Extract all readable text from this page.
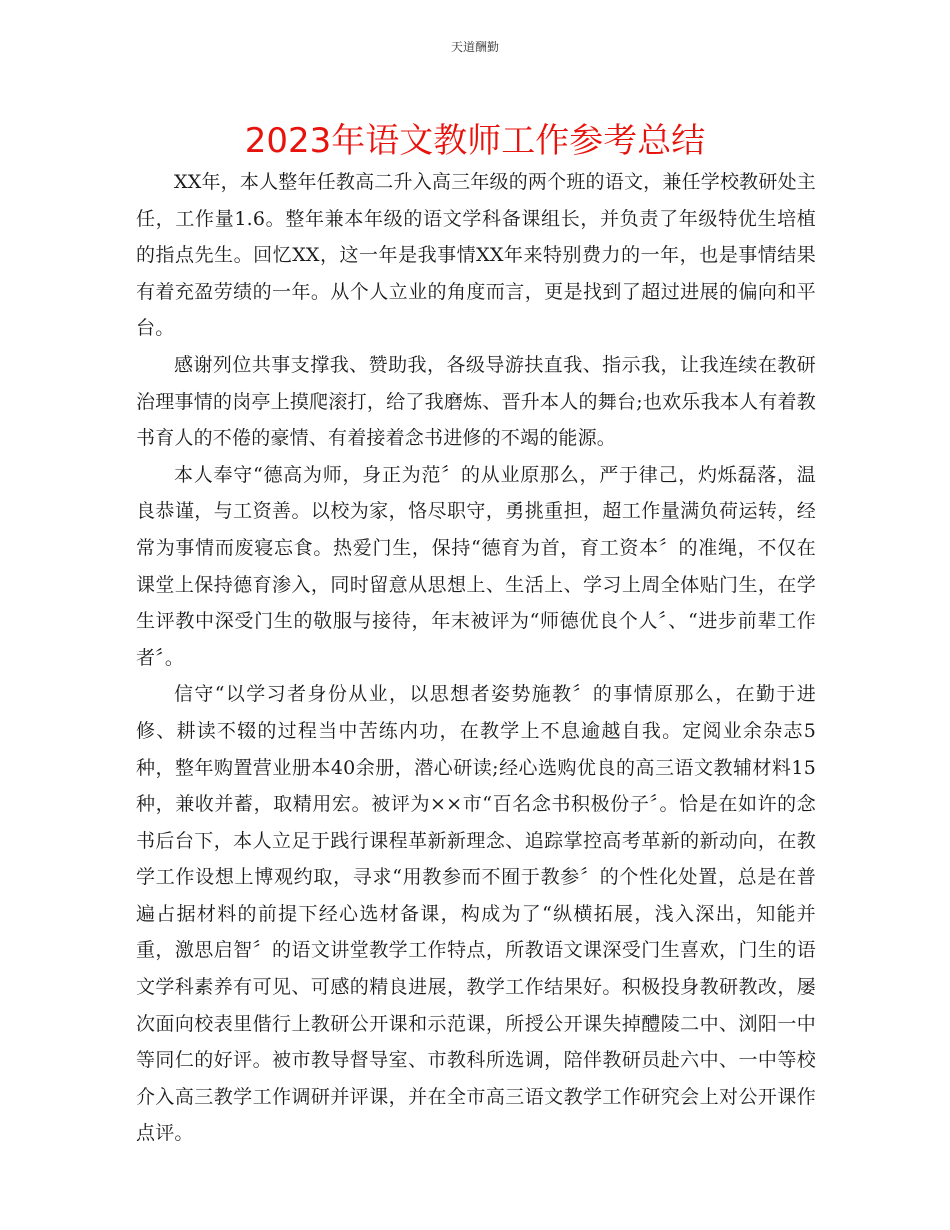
天道酬勤
2023年语文教师工作参考总结

XX年，本人整年任教高二升入高三年级的两个班的语文，兼任学校教研处主任，工作量1.6。整年兼本年级的语文学科备课组长，并负责了年级特优生培植的指点先生。回忆XX，这一年是我事情XX年来特别费力的一年，也是事情结果有着充盈劳绩的一年。从个人立业的角度而言，更是找到了超过进展的偏向和平台。

感谢列位共事支撑我、赞助我，各级导游扶直我、指示我，让我连续在教研治理事情的岗亭上摸爬滚打，给了我磨炼、晋升本人的舞台;也欢乐我本人有着教书育人的不倦的豪情、有着接着念书进修的不竭的能源。

本人奉守“德高为师，身正为范〞的从业原那么，严于律己，灼烁磊落，温良恭谨，与工资善。以校为家，恪尽职守，勇挑重担，超工作量满负荷运转，经常为事情而废寝忘食。热爱门生，保持“德育为首，育工资本〞的准绳，不仅在课堂上保持德育渗入，同时留意从思想上、生活上、学习上周全体贴门生，在学生评教中深受门生的敬服与接待，年末被评为“师德优良个人〞、“进步前辈工作者〞。

信守“以学习者身份从业，以思想者姿势施教〞的事情原那么，在勤于进修、耕读不辍的过程当中苦练内功，在教学上不息逾越自我。定阅业余杂志5种，整年购置营业册本40余册，潜心研读;经心选购优良的高三语文教辅材料15种，兼收并蓄，取精用宏。被评为××市“百名念书积极份子〞。恰是在如许的念书后台下，本人立足于践行课程革新新理念、追踪掌控高考革新的新动向，在教学工作设想上博观约取，寻求“用教参而不囿于教参〞的个性化处置，总是在普遍占据材料的前提下经心选材备课，构成为了“纵横拓展，浅入深出，知能并重，激思启智〞的语文讲堂教学工作特点，所教语文课深受门生喜欢，门生的语文学科素养有可见、可感的精良进展，教学工作结果好。积极投身教研教改，屡次面向校表里偕行上教研公开课和示范课，所授公开课失掉醴陵二中、浏阳一中等同仁的好评。被市教导督导室、市教科所选调，陪伴教研员赴六中、一中等校介入高三教学工作调研并评课，并在全市高三语文教学工作研究会上对公开课作点评。
